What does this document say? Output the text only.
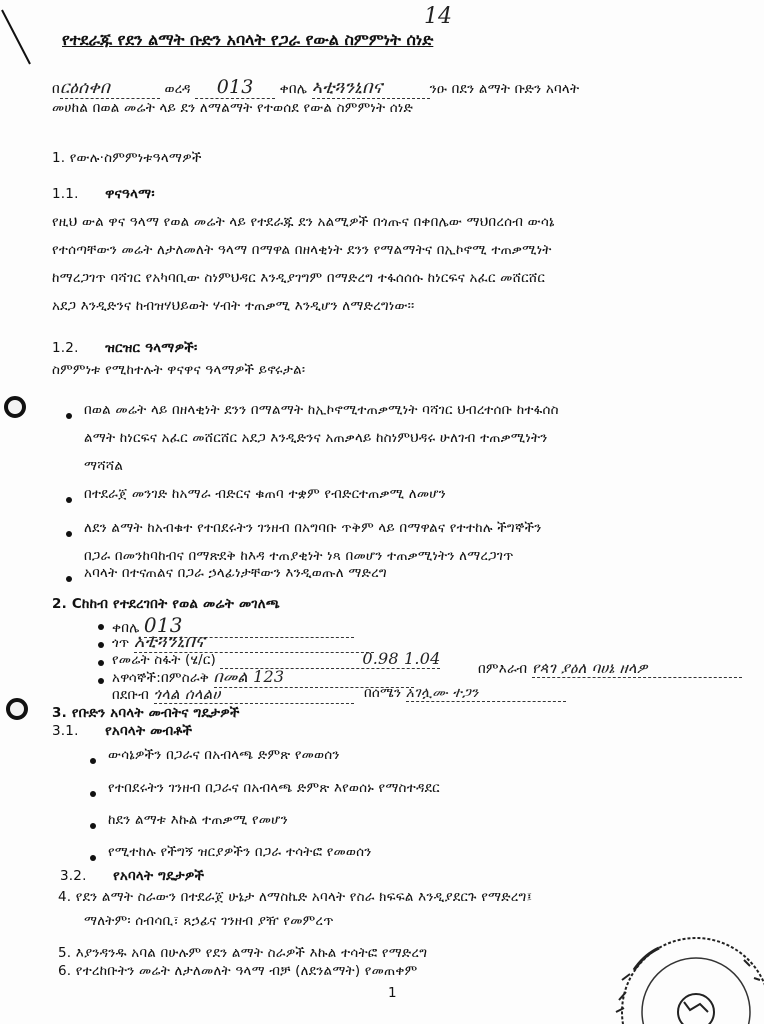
14
የተደራጁ የደን ልማት ቡድን አባላት የጋራ የውል ስምምነት ሰነድ
በርዕሰቀበ	ወረዳ 013 ቀበሌ ኣቲጓንኒበና	ንዑ በደን ልማት ቡድን አባላት
መሀከል በወል መሬት ላይ ደን ለማልማት የተወሰደ የውል ስምምነት ሰነድ
1. የውሉ·ስምምነቱዓላማዎች
1.1. ዋናዓላማ፡
የዚህ ውል ዋና ዓላማ የወል መሬት ላይ የተደራጁ ደን አልሚዎች በጎጡና በቀበሌው ማህበረሰብ ውሳኔ
የተሰጣቸውን መሬት ለታለመለት ዓላማ በማዋል በዘላቂነት ደንን የማልማትና በኢኮኖሚ ተጠቃሚነት
ከማረጋገጥ ባሻገር የአካባቢው ስነምህዳር እንዲያገግም በማድረግ ተፋሰሰሱ ከነርፍና አፈር መሸርሸር
አደጋ እንዲድንና ከብዝሃህይወት ሃብት ተጠቃሚ እንዲሆን ለማድረግነው፡፡
1.2. ዝርዝር ዓላማዎች፡
ስምምነቱ የሚከተሉት ዋናዋና ዓላማዎች ይኖሩታል፡
በወል መሬት ላይ በዘላቂነት ደንን በማልማት ከኢኮኖሚተጠቃሚነት ባሻገር ህብረተሰቡ ከተፋሰስ
ልማት ከነርፍና አፈር መሸርሸር አደጋ እንዲድንና አጠቃላይ ከስነምህዳሩ ሁለገብ ተጠቃሚነትን
ማሻሻል
በተደራጀ መንገድ ከአማራ ብድርና ቁጠባ ተቋም የብድርተጠቃሚ ለመሆን
ለደን ልማት ከአብቁተ የተበደሩትን ገንዘብ በአግባቡ ጥቅም ላይ በማዋልና የተተከሉ ችግኞችን
በጋራ በመንከባከብና በማጽደቅ ከእዳ ተጠያቂነት ነጻ በመሆን ተጠቃሚነትን ለማረጋገጥ
አባላት በተናጠልና በጋራ ኃላፊነታቸውን እንዲወጡለ ማድረግ
2. Cከከብ የተደረገበት የወል መሬት መገለጫ
ቀበሌ 013
ጎጥ አቲጓንኒበና
የመሬት ስፋት (ሄ/ር)	0.98 1.04
አዋሳኞች:በምስራቅ በመል 123	በምእራብ የጳገ ያዕለ ባሀኔ ዘላዎ
በደቡብ ጎላል ሰላልሀ	በሰሜን አገሏሙ ተጋን
3. የቡድን አባላት መብትና ግዴታዎች
3.1. የአባላት መብቶች
ውሳኔዎችን በጋራና በአብላጫ ድምጽ የመወሰን
የተበደሩትን ገንዘብ በጋራና በአብላጫ ድምጽ እየወሰኑ የማስተዳደር
ከደን ልማቱ እኩል ተጠቃሚ የመሆን
የሚተከሉ የችግኝ ዝርያዎችን በጋራ ተሳትፎ የመወሰን
3.2. የአባላት ግዴታዎች
4. የደን ልማት ስራውን በተደራጀ ሁኔታ ለማስኬድ አባላት የስራ ክፍፍል እንዲያደርጉ የማድረግ፤
ማለትም፡ ሰብሳቢ፣ ጸኃፊና ገንዘብ ያዥ የመምረጥ
5. እያንዳንዱ አባል በሁሉም የደን ልማት ስራዎች እኩል ተሳትፎ የማድረግ
6. የተረከቡትን መሬት ለታለመለት ዓላማ ብቻ (ለደንልማት) የመጠቀም
1
